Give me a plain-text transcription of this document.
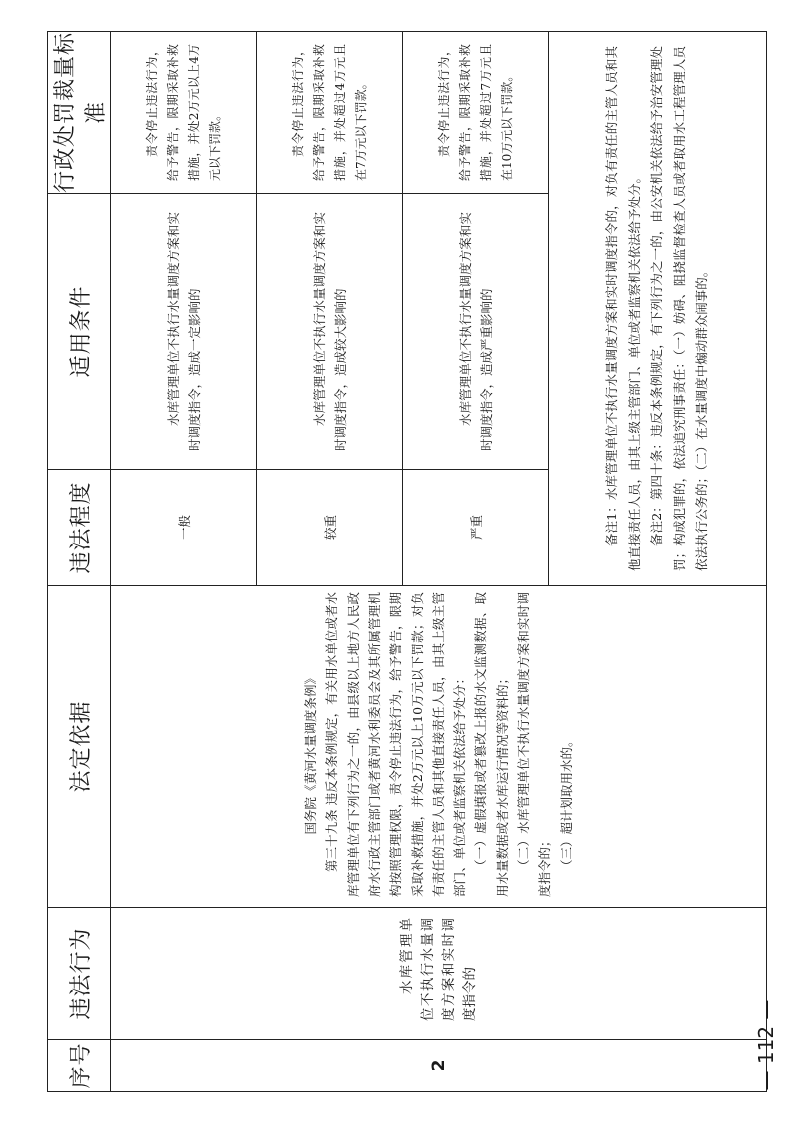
序号	违法行为	法定依据	违法程度	适用条件	行政处罚裁量标准
2	水库管理单位不执行水量调度方案和实时调度指令的	国务院《黄河水量调度条例》 第三十九条 违反本条例规定，有关用水单位或者水库管理单位有下列行为之一的，由县级以上地方人民政府水行政主管部门或者黄河水利委员会及其所属管理机构按照管理权限，责令停止违法行为，给予警告，限期采取补救措施，并处2万元以上10万元以下罚款；对负有责任的主管人员和其他直接责任人员，由其上级主管部门、单位或者监察机关依法给予处分： （一）虚假填报或者篡改上报的水文监测数据、取用水量数据或者水库运行情况等资料的； （二）水库管理单位不执行水量调度方案和实时调度指令的； （三）超计划取用水的。	一般	水库管理单位不执行水量调度方案和实时调度指令，造成一定影响的	责令停止违法行为，给予警告，限期采取补救措施，并处2万元以上4万元以下罚款。
			较重	水库管理单位不执行水量调度方案和实时调度指令，造成较大影响的	责令停止违法行为，给予警告，限期采取补救措施，并处超过4万元且在7万元以下罚款。
			严重	水库管理单位不执行水量调度方案和实时调度指令，造成严重影响的	责令停止违法行为，给予警告，限期采取补救措施，并处超过7万元且在10万元以下罚款。

			备注1：水库管理单位不执行水量调度方案和实时调度指令的，对负有责任的主管人员和其他直接责任人员，由其上级主管部门、单位或者监察机关依法给予处分。 备注2：第四十条：违反本条例规定，有下列行为之一的，由公安机关依法给予治安管理处罚；构成犯罪的，依法追究刑事责任：（一）妨碍、阻挠监督检查人员或者取用水工程管理人员依法执行公务的；（二）在水量调度中煽动群众闹事的。		

— 112 —
